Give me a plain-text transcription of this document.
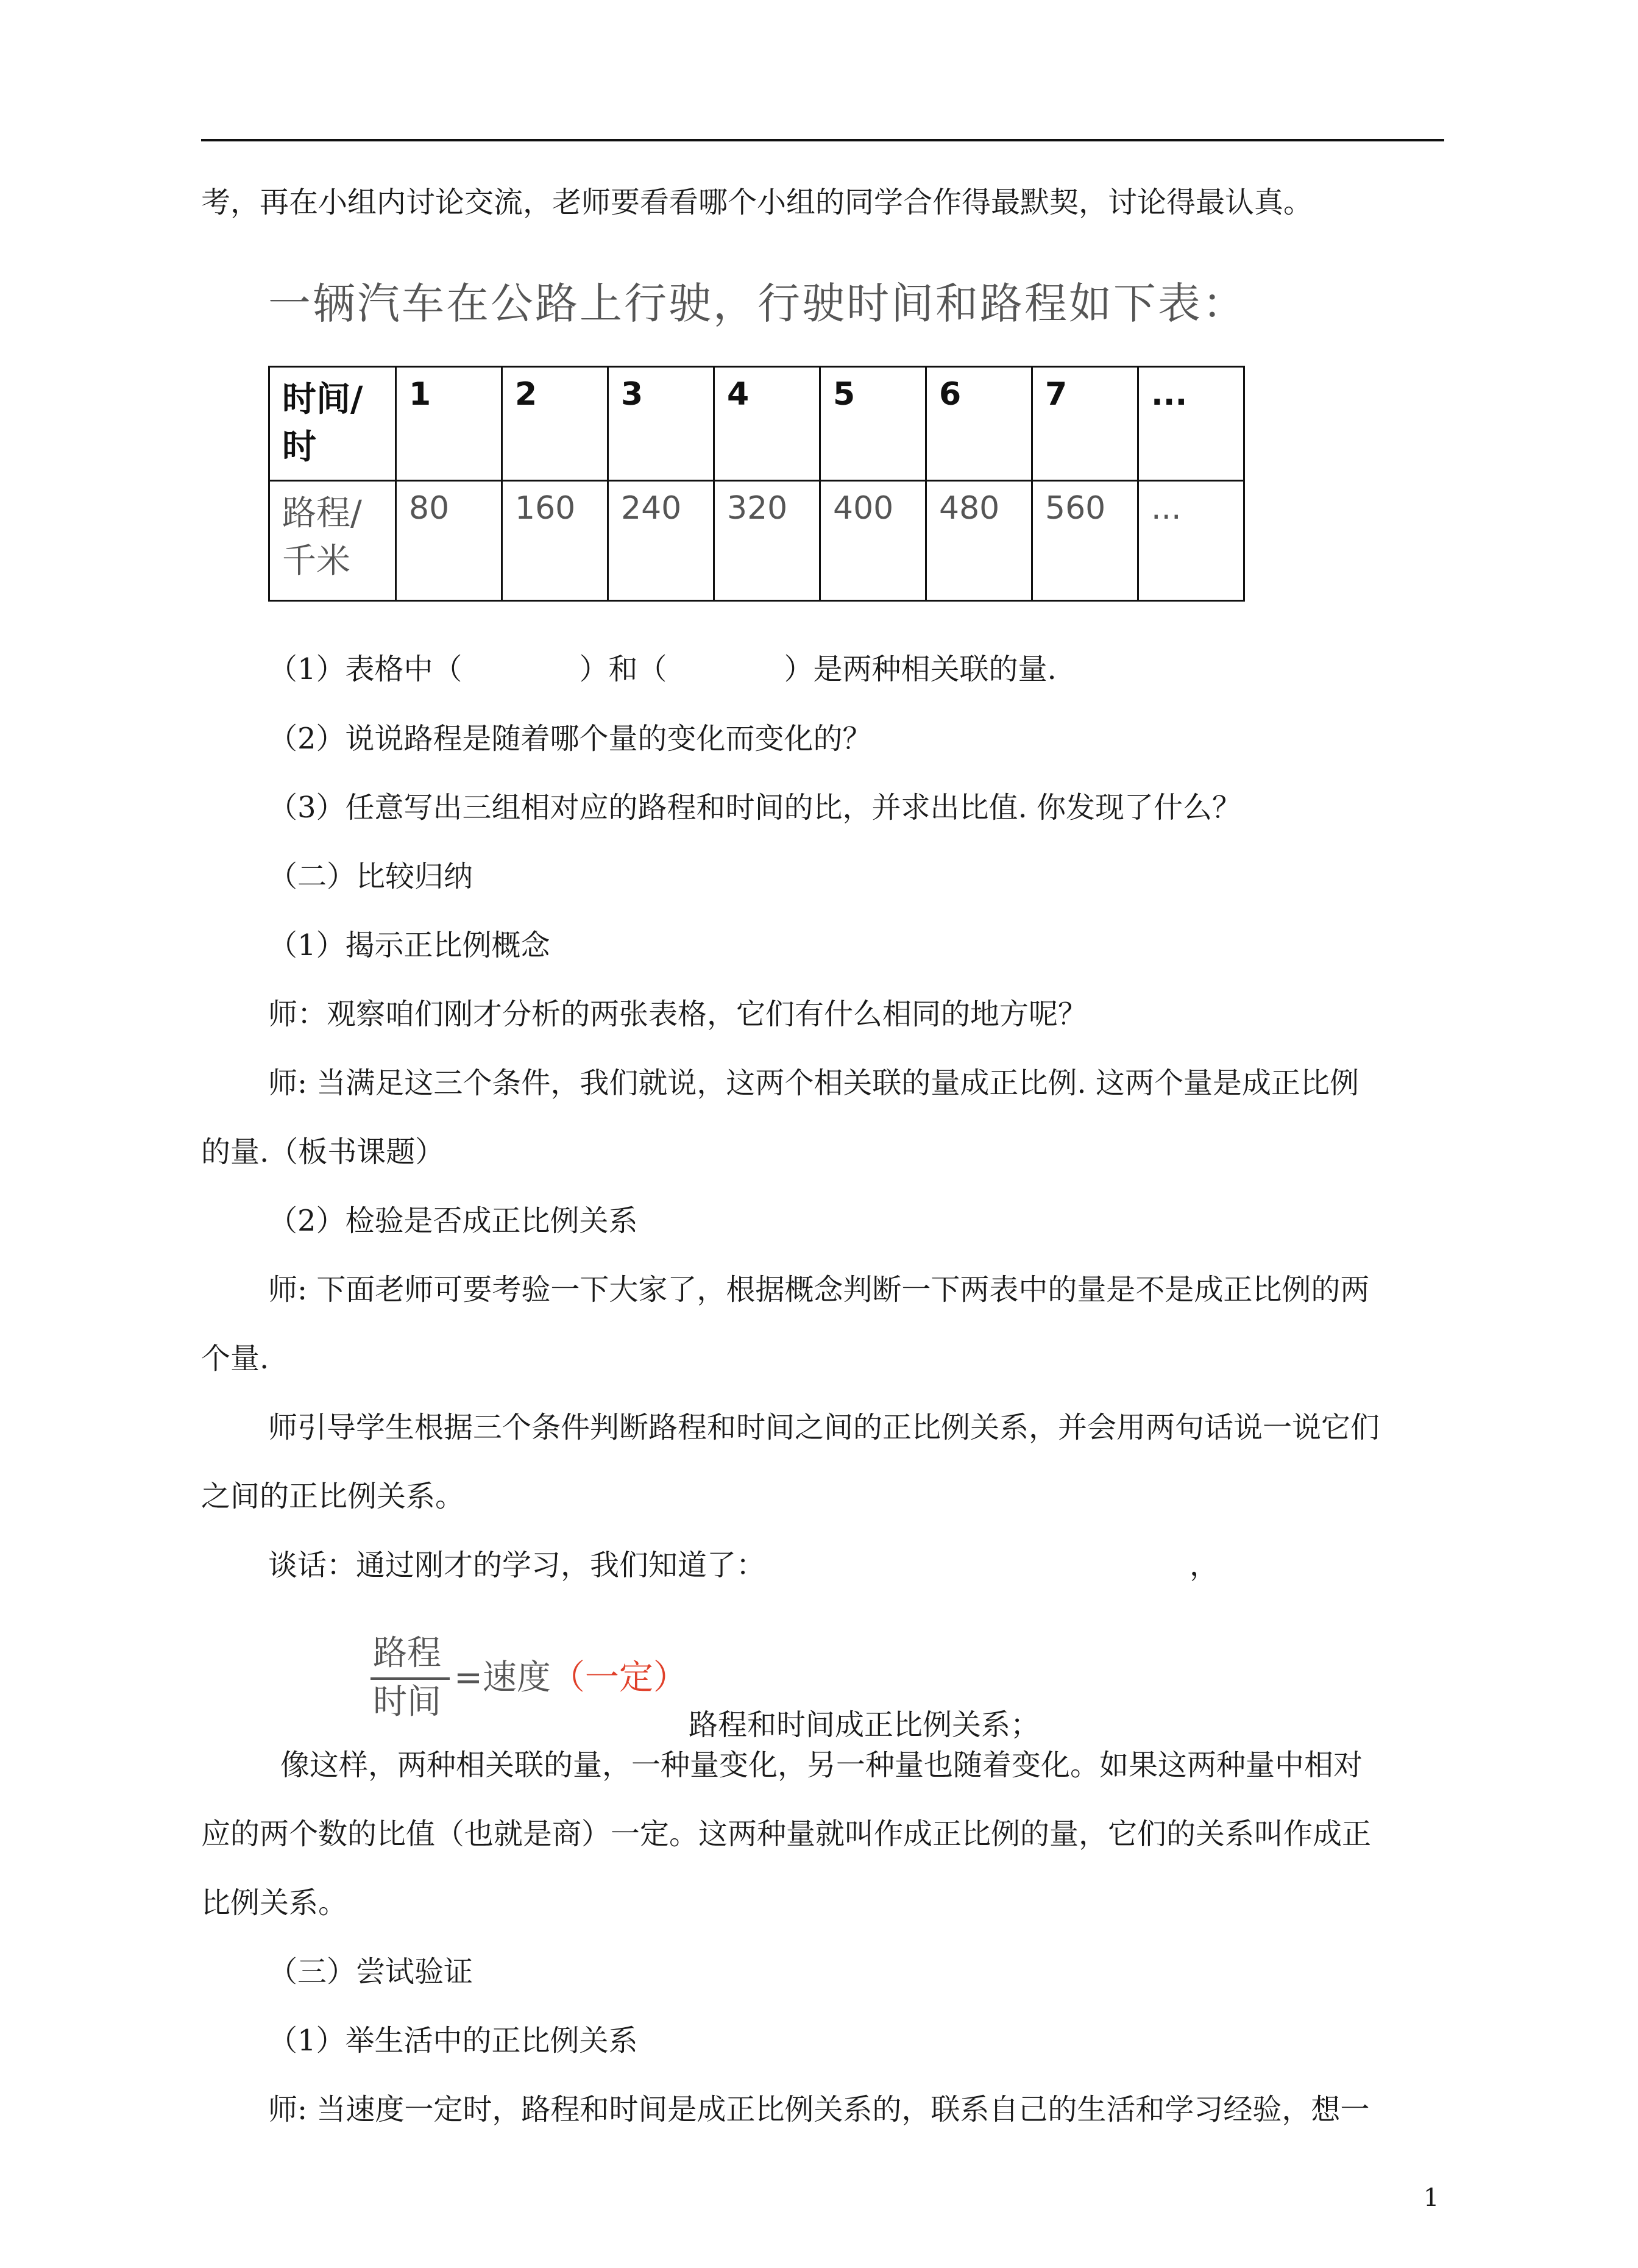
考，再在小组内讨论交流，老师要看看哪个小组的同学合作得最默契，讨论得最认真。

一辆汽车在公路上行驶，行驶时间和路程如下表：

时间/
时	1	2	3	4	5	6	7	...
路程/
千米	80	160	240	320	400	480	560	...

（1）表格中（　　　　）和（　　　　）是两种相关联的量.

（2）说说路程是随着哪个量的变化而变化的？

（3）任意写出三组相对应的路程和时间的比，并求出比值. 你发现了什么？

（二）比较归纳

（1）揭示正比例概念

师：观察咱们刚才分析的两张表格，它们有什么相同的地方呢？

师: 当满足这三个条件，我们就说，这两个相关联的量成正比例. 这两个量是成正比例

的量.（板书课题）

（2）检验是否成正比例关系

师: 下面老师可要考验一下大家了，根据概念判断一下两表中的量是不是成正比例的两

个量.

师引导学生根据三个条件判断路程和时间之间的正比例关系，并会用两句话说一说它们

之间的正比例关系。

谈话：通过刚才的学习，我们知道了：　　　　　　　　　　　　　　　，

路程
时间
=速度（一定）

路程和时间成正比例关系；

像这样，两种相关联的量，一种量变化，另一种量也随着变化。如果这两种量中相对

应的两个数的比值（也就是商）一定。这两种量就叫作成正比例的量，它们的关系叫作成正

比例关系。

（三）尝试验证

（1）举生活中的正比例关系

师: 当速度一定时，路程和时间是成正比例关系的，联系自己的生活和学习经验，想一

1
